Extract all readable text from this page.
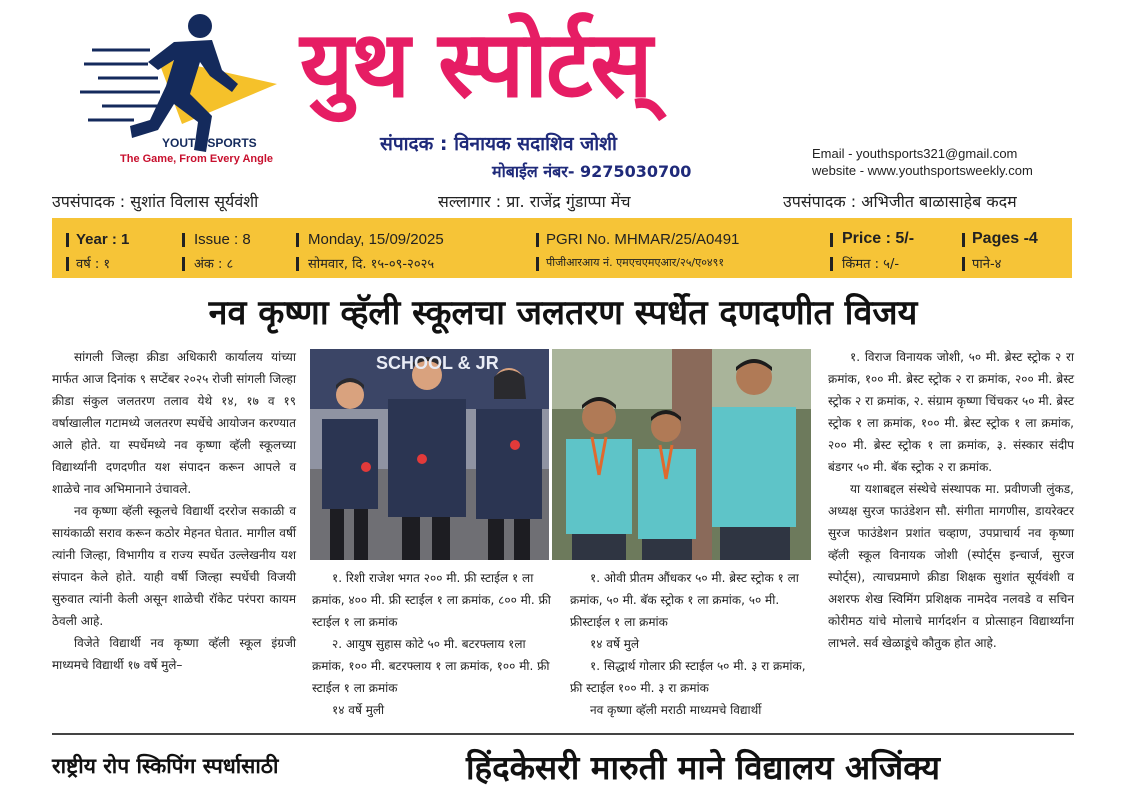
YOUTH SPORTS
The Game, From Every Angle
युथ स्पोर्टस्
संपादक : विनायक सदाशिव जोशी
मोबाईल नंबर- 9275030700
Email - youthsports321@gmail.com
website - www.youthsportsweekly.com
उपसंपादक : सुशांत विलास सूर्यवंशी	सल्लागार : प्रा. राजेंद्र गुंडाप्पा मेंच	उपसंपादक : अभिजीत बाळासाहेब कदम
Year : 1
वर्ष : १
Issue : 8
अंक : ८
Monday, 15/09/2025
सोमवार, दि. १५-०९-२०२५
PGRI No. MHMAR/25/A0491
पीजीआरआय नं. एमएचएमएआर/२५/ए०४९१
Price : 5/-
किंमत : ५/-
Pages -4
पाने-४
नव कृष्णा व्हॅली स्कूलचा जलतरण स्पर्धेत दणदणीत विजय

सांगली जिल्हा क्रीडा अधिकारी कार्यालय यांच्या मार्फत आज दिनांक ९ सप्टेंबर २०२५ रोजी सांगली जिल्हा क्रीडा संकुल जलतरण तलाव येथे १४, १७ व १९ वर्षाखालील गटामध्ये जलतरण स्पर्धेचे आयोजन करण्यात आले होते. या स्पर्धेमध्ये नव कृष्णा व्हॅली स्कूलच्या विद्यार्थ्यांनी दणदणीत यश संपादन करून आपले व शाळेचे नाव अभिमानाने उंचावले.

नव कृष्णा व्हॅली स्कूलचे विद्यार्थी दररोज सकाळी व सायंकाळी सराव करून कठोर मेहनत घेतात. मागील वर्षी त्यांनी जिल्हा, विभागीय व राज्य स्पर्धेत उल्लेखनीय यश संपादन केले होते. याही वर्षी जिल्हा स्पर्धेची विजयी सुरुवात त्यांनी केली असून शाळेची रॉकेट परंपरा कायम ठेवली आहे.

विजेते विद्यार्थी नव कृष्णा व्हॅली स्कूल इंग्रजी माध्यमचे विद्यार्थी १७ वर्षे मुले–

SCHOOL & JR

१. रिशी राजेश भगत २०० मी. फ्री स्टाईल १ ला क्रमांक, ४०० मी. फ्री स्टाईल १ ला क्रमांक, ८०० मी. फ्री स्टाईल १ ला क्रमांक

२. आयुष सुहास कोटे ५० मी. बटरफ्लाय १ला क्रमांक, १०० मी. बटरफ्लाय १ ला क्रमांक, १०० मी. फ्री स्टाईल १ ला क्रमांक

१४ वर्षे मुली

१. ओवी प्रीतम औंधकर ५० मी. ब्रेस्ट स्ट्रोक १ ला क्रमांक, ५० मी. बॅक स्ट्रोक १ ला क्रमांक, ५० मी. फ्रीस्टाईल १ ला क्रमांक

१४ वर्षे मुले

१. सिद्धार्थ गोलार फ्री स्टाईल ५० मी. ३ रा क्रमांक, फ्री स्टाईल १०० मी. ३ रा क्रमांक

नव कृष्णा व्हॅली मराठी माध्यमचे विद्यार्थी

१. विराज विनायक जोशी, ५० मी. ब्रेस्ट स्ट्रोक २ रा क्रमांक, १०० मी. ब्रेस्ट स्ट्रोक २ रा क्रमांक, २०० मी. ब्रेस्ट स्ट्रोक २ रा क्रमांक, २. संग्राम कृष्णा चिंचकर ५० मी. ब्रेस्ट स्ट्रोक १ ला क्रमांक, १०० मी. ब्रेस्ट स्ट्रोक १ ला क्रमांक, २०० मी. ब्रेस्ट स्ट्रोक १ ला क्रमांक, ३. संस्कार संदीप बंडगर ५० मी. बॅक स्ट्रोक २ रा क्रमांक.

या यशाबद्दल संस्थेचे संस्थापक मा. प्रवीणजी लुंकड, अध्यक्ष सुरज फाउंडेशन सौ. संगीता मागणीस, डायरेक्टर सुरज फाउंडेशन प्रशांत चव्हाण, उपप्राचार्य नव कृष्णा व्हॅली स्कूल विनायक जोशी (स्पोर्ट्स इन्चार्ज, सुरज स्पोर्ट्स), त्याचप्रमाणे क्रीडा शिक्षक सुशांत सूर्यवंशी व अशरफ शेख स्विमिंग प्रशिक्षक नामदेव नलवडे व सचिन कोरीमठ यांचे मोलाचे मार्गदर्शन व प्रोत्साहन विद्यार्थ्यांना लाभले. सर्व खेळाडूंचे कौतुक होत आहे.

राष्ट्रीय रोप स्किपिंग स्पर्धासाठी	हिंदकेसरी मारुती माने विद्यालय अजिंक्य
